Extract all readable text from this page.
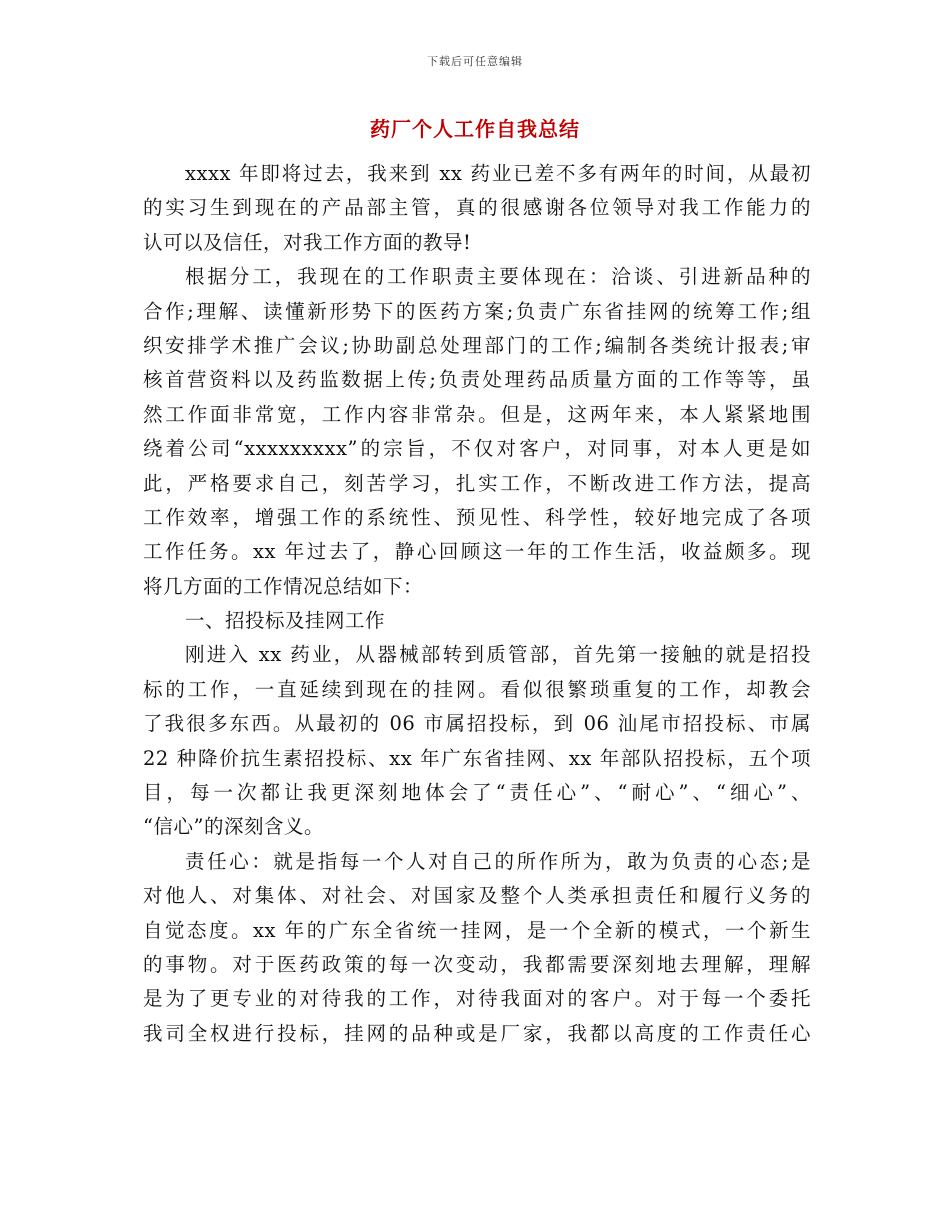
下载后可任意编辑
药厂个人工作自我总结
xxxx 年即将过去，我来到 xx 药业已差不多有两年的时间，从最初
的实习生到现在的产品部主管，真的很感谢各位领导对我工作能力的
认可以及信任，对我工作方面的教导!
根据分工，我现在的工作职责主要体现在：洽谈、引进新品种的
合作;理解、读懂新形势下的医药方案;负责广东省挂网的统筹工作;组
织安排学术推广会议;协助副总处理部门的工作;编制各类统计报表;审
核首营资料以及药监数据上传;负责处理药品质量方面的工作等等，虽
然工作面非常宽，工作内容非常杂。但是，这两年来，本人紧紧地围
绕着公司“xxxxxxxxx”的宗旨，不仅对客户，对同事，对本人更是如
此，严格要求自己，刻苦学习，扎实工作，不断改进工作方法，提高
工作效率，增强工作的系统性、预见性、科学性，较好地完成了各项
工作任务。xx 年过去了，静心回顾这一年的工作生活，收益颇多。现
将几方面的工作情况总结如下：
一、招投标及挂网工作
刚进入 xx 药业，从器械部转到质管部，首先第一接触的就是招投
标的工作，一直延续到现在的挂网。看似很繁琐重复的工作，却教会
了我很多东西。从最初的 06 市属招投标，到 06 汕尾市招投标、市属
22 种降价抗生素招投标、xx 年广东省挂网、xx 年部队招投标，五个项
目，每一次都让我更深刻地体会了“责任心”、“耐心”、“细心”、
“信心”的深刻含义。
责任心：就是指每一个人对自己的所作所为，敢为负责的心态;是
对他人、对集体、对社会、对国家及整个人类承担责任和履行义务的
自觉态度。xx 年的广东全省统一挂网，是一个全新的模式，一个新生
的事物。对于医药政策的每一次变动，我都需要深刻地去理解，理解
是为了更专业的对待我的工作，对待我面对的客户。对于每一个委托
我司全权进行投标，挂网的品种或是厂家，我都以高度的工作责任心
